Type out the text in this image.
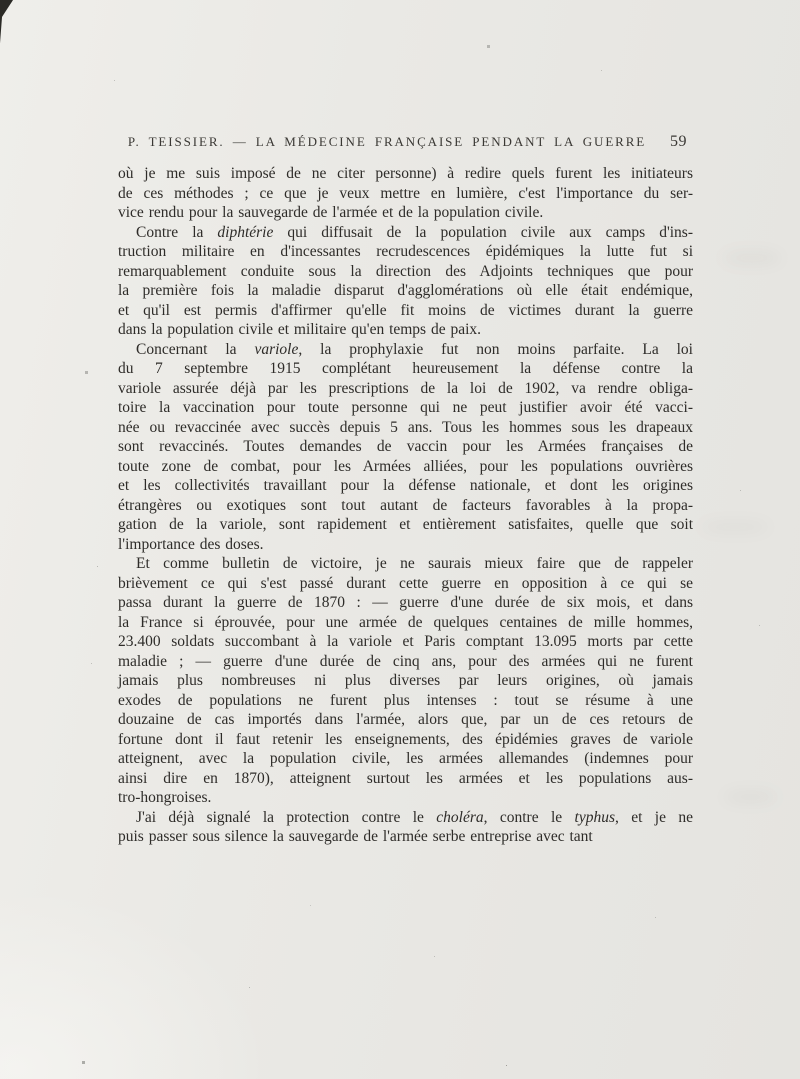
P. TEISSIER. — LA MÉDECINE FRANÇAISE PENDANT LA GUERRE	59
où je me suis imposé de ne citer personne) à redire quels furent les initiateurs
de ces méthodes ; ce que je veux mettre en lumière, c'est l'importance du ser-
vice rendu pour la sauvegarde de l'armée et de la population civile.
Contre la diphtérie qui diffusait de la population civile aux camps d'ins-
truction militaire en d'incessantes recrudescences épidémiques la lutte fut si
remarquablement conduite sous la direction des Adjoints techniques que pour
la première fois la maladie disparut d'agglomérations où elle était endémique,
et qu'il est permis d'affirmer qu'elle fit moins de victimes durant la guerre
dans la population civile et militaire qu'en temps de paix.
Concernant la variole, la prophylaxie fut non moins parfaite. La loi
du 7 septembre 1915 complétant heureusement la défense contre la
variole assurée déjà par les prescriptions de la loi de 1902, va rendre obliga-
toire la vaccination pour toute personne qui ne peut justifier avoir été vacci-
née ou revaccinée avec succès depuis 5 ans. Tous les hommes sous les drapeaux
sont revaccinés. Toutes demandes de vaccin pour les Armées françaises de
toute zone de combat, pour les Armées alliées, pour les populations ouvrières
et les collectivités travaillant pour la défense nationale, et dont les origines
étrangères ou exotiques sont tout autant de facteurs favorables à la propa-
gation de la variole, sont rapidement et entièrement satisfaites, quelle que soit
l'importance des doses.
Et comme bulletin de victoire, je ne saurais mieux faire que de rappeler
brièvement ce qui s'est passé durant cette guerre en opposition à ce qui se
passa durant la guerre de 1870 : — guerre d'une durée de six mois, et dans
la France si éprouvée, pour une armée de quelques centaines de mille hommes,
23.400 soldats succombant à la variole et Paris comptant 13.095 morts par cette
maladie ; — guerre d'une durée de cinq ans, pour des armées qui ne furent
jamais plus nombreuses ni plus diverses par leurs origines, où jamais
exodes de populations ne furent plus intenses : tout se résume à une
douzaine de cas importés dans l'armée, alors que, par un de ces retours de
fortune dont il faut retenir les enseignements, des épidémies graves de variole
atteignent, avec la population civile, les armées allemandes (indemnes pour
ainsi dire en 1870), atteignent surtout les armées et les populations aus-
tro-hongroises.
J'ai déjà signalé la protection contre le choléra, contre le typhus, et je ne
puis passer sous silence la sauvegarde de l'armée serbe entreprise avec tant
